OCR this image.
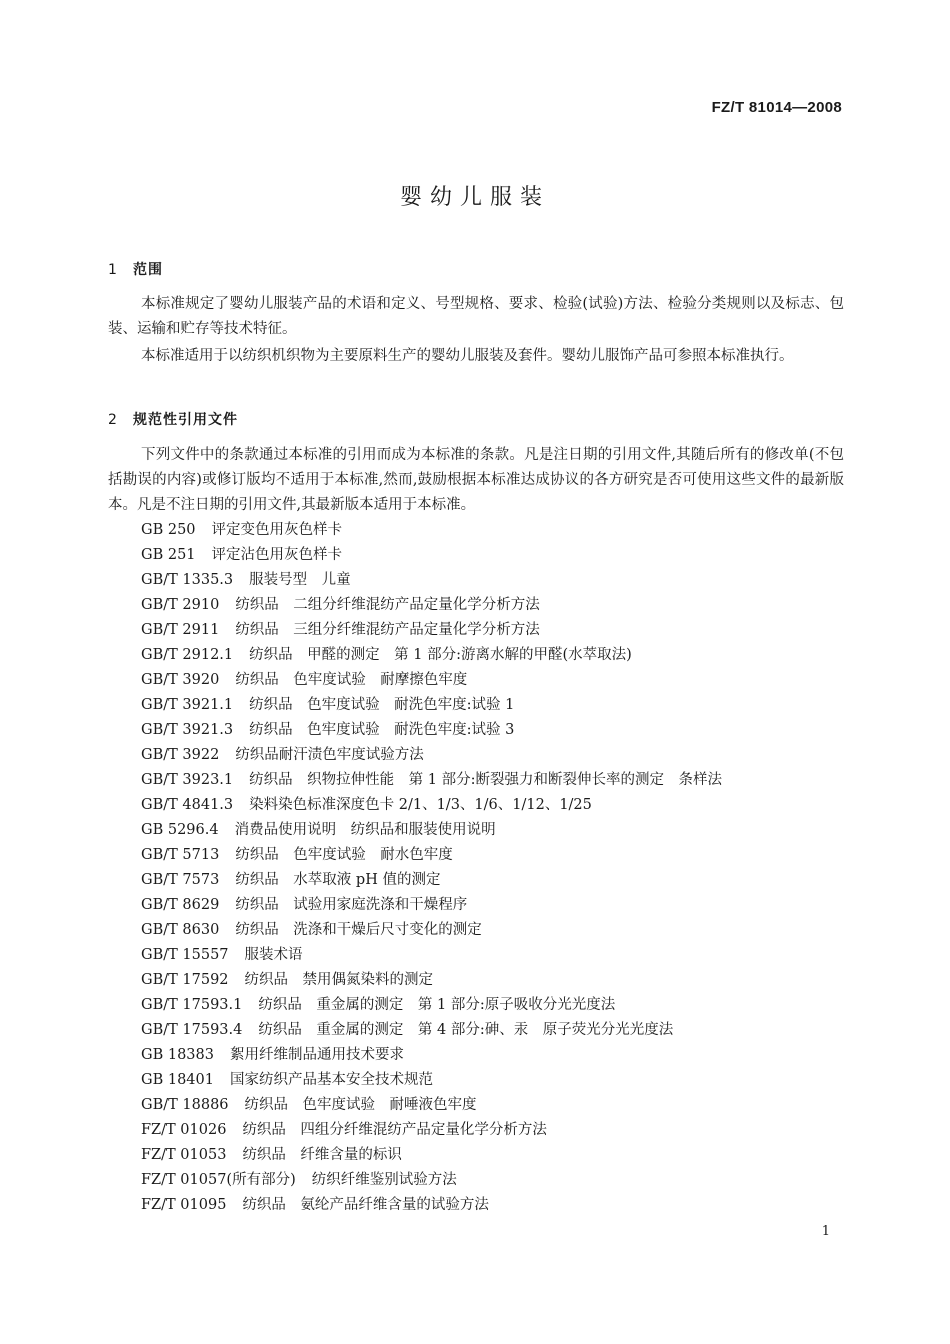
FZ/T 81014—2008
婴幼儿服装
1 范围

本标准规定了婴幼儿服装产品的术语和定义、号型规格、要求、检验(试验)方法、检验分类规则以及标志、包装、运输和贮存等技术特征。

本标准适用于以纺织机织物为主要原料生产的婴幼儿服装及套件。婴幼儿服饰产品可参照本标准执行。

2 规范性引用文件

下列文件中的条款通过本标准的引用而成为本标准的条款。凡是注日期的引用文件,其随后所有的修改单(不包括勘误的内容)或修订版均不适用于本标准,然而,鼓励根据本标准达成协议的各方研究是否可使用这些文件的最新版本。凡是不注日期的引用文件,其最新版本适用于本标准。

GB 250 评定变色用灰色样卡
GB 251 评定沾色用灰色样卡
GB/T 1335.3 服装号型　儿童
GB/T 2910 纺织品　二组分纤维混纺产品定量化学分析方法
GB/T 2911 纺织品　三组分纤维混纺产品定量化学分析方法
GB/T 2912.1 纺织品　甲醛的测定　第 1 部分:游离水解的甲醛(水萃取法)
GB/T 3920 纺织品　色牢度试验　耐摩擦色牢度
GB/T 3921.1 纺织品　色牢度试验　耐洗色牢度:试验 1
GB/T 3921.3 纺织品　色牢度试验　耐洗色牢度:试验 3
GB/T 3922 纺织品耐汗渍色牢度试验方法
GB/T 3923.1 纺织品　织物拉伸性能　第 1 部分:断裂强力和断裂伸长率的测定　条样法
GB/T 4841.3 染料染色标准深度色卡 2/1、1/3、1/6、1/12、1/25
GB 5296.4 消费品使用说明　纺织品和服装使用说明
GB/T 5713 纺织品　色牢度试验　耐水色牢度
GB/T 7573 纺织品　水萃取液 pH 值的测定
GB/T 8629 纺织品　试验用家庭洗涤和干燥程序
GB/T 8630 纺织品　洗涤和干燥后尺寸变化的测定
GB/T 15557 服装术语
GB/T 17592 纺织品　禁用偶氮染料的测定
GB/T 17593.1 纺织品　重金属的测定　第 1 部分:原子吸收分光光度法
GB/T 17593.4 纺织品　重金属的测定　第 4 部分:砷、汞　原子荧光分光光度法
GB 18383 絮用纤维制品通用技术要求
GB 18401 国家纺织产品基本安全技术规范
GB/T 18886 纺织品　色牢度试验　耐唾液色牢度
FZ/T 01026 纺织品　四组分纤维混纺产品定量化学分析方法
FZ/T 01053 纺织品　纤维含量的标识
FZ/T 01057(所有部分) 纺织纤维鉴别试验方法
FZ/T 01095 纺织品　氨纶产品纤维含量的试验方法
1
